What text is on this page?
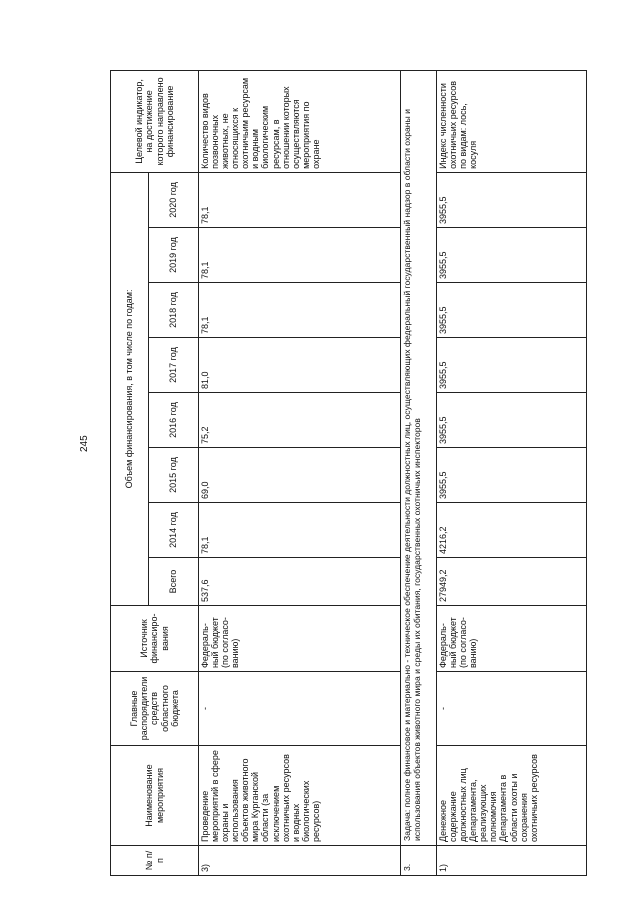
245
№ п/п	Наименование мероприятия	Главные распорядители средств областного бюджета	Источник финансиро-вания	Объем финансирования, в том числе по годам:								Целевой индикатор, на достижение которого направлено финансирование
				Всего	2014 год	2015 год	2016 год	2017 год	2018 год	2019 год	2020 год	
3)	Проведение мероприятий в сфере охраны и использования объектов животного мира Курганской области (за исключением охотничьих ресурсов и водных биологических ресурсов)	-	Федераль-ный бюджет (по согласо-ванию)	537,6	78,1	69,0	75,2	81,0	78,1	78,1	78,1	Количество видов позвоночных животных, не относящихся к охотничьим ресурсам и водным биологическим ресурсам, в отношении которых осуществляются мероприятия по охране
3.	Задача: полное финансовое и материально - техническое обеспечение деятельности должностных лиц, осуществляющих федеральный государственный надзор в области охраны и использования объектов животного мира и среды их обитания, государственных охотничьих инспекторов											
1)	Денежное содержание должностных лиц Департамента, реализующих полномочия Департамента в области охоты и сохранения охотничьих ресурсов	-	Федераль-ный бюджет (по согласо-ванию)	27949,2	4216,2	3955,5	3955,5	3955,5	3955,5	3955,5	3955,5	Индекс численности охотничьих ресурсов по видам: лось, косуля
